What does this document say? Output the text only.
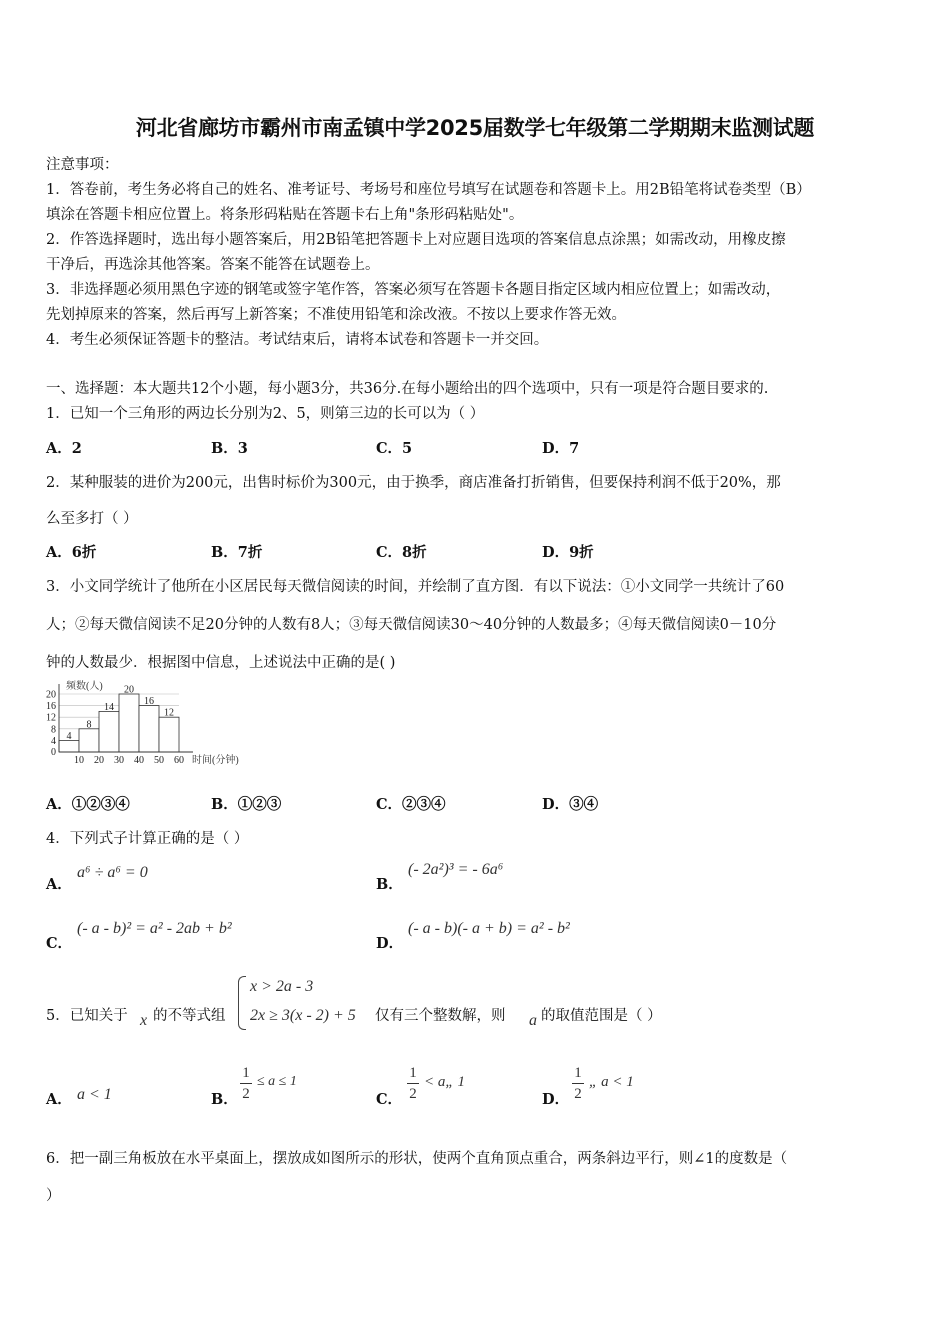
河北省廊坊市霸州市南孟镇中学2025届数学七年级第二学期期末监测试题
注意事项：
1．答卷前，考生务必将自己的姓名、准考证号、考场号和座位号填写在试题卷和答题卡上。用2B铅笔将试卷类型（B）
填涂在答题卡相应位置上。将条形码粘贴在答题卡右上角"条形码粘贴处"。
2．作答选择题时，选出每小题答案后，用2B铅笔把答题卡上对应题目选项的答案信息点涂黑；如需改动，用橡皮擦
干净后，再选涂其他答案。答案不能答在试题卷上。
3．非选择题必须用黑色字迹的钢笔或签字笔作答，答案必须写在答题卡各题目指定区域内相应位置上；如需改动，
先划掉原来的答案，然后再写上新答案；不准使用铅笔和涂改液。不按以上要求作答无效。
4．考生必须保证答题卡的整洁。考试结束后，请将本试卷和答题卡一并交回。
一、选择题：本大题共12个小题，每小题3分，共36分.在每小题给出的四个选项中，只有一项是符合题目要求的.
1．已知一个三角形的两边长分别为2、5，则第三边的长可以为（ ）
A．2	B．3	C．5	D．7
2．某种服装的进价为200元，出售时标价为300元，由于换季，商店准备打折销售，但要保持利润不低于20%，那
么至多打（ ）
A．6折	B．7折	C．8折	D．9折
3．小文同学统计了他所在小区居民每天微信阅读的时间，并绘制了直方图．有以下说法：①小文同学一共统计了60
人；②每天微信阅读不足20分钟的人数有8人；③每天微信阅读30～40分钟的人数最多；④每天微信阅读0－10分
钟的人数最少．根据图中信息，上述说法中正确的是( )
频数(人)
时间(分钟)
4
8
14
20
16
12
20
16
12
8
4
0
10 20 30 40 50 60
A．①②③④	B．①②③	C．②③④	D．③④
4．下列式子计算正确的是（ ）
A．
a⁶ ÷ a⁶ = 0
B．
(- 2a²)³ = - 6a⁶
C．
(- a - b)² = a² - 2ab + b²
D．
(- a - b)(- a + b) = a² - b²
5．已知关于 x 的不等式组
x > 2a - 3
2x ≥ 3(x - 2) + 5 仅有三个整数解，则 a 的取值范围是（ ）
A． a < 1	B．
1
2
≤ a ≤ 1
C．
1
2
< a„ 1
D．
1
2
„ a < 1
6．把一副三角板放在水平桌面上，摆放成如图所示的形状，使两个直角顶点重合，两条斜边平行，则∠1的度数是（
）
